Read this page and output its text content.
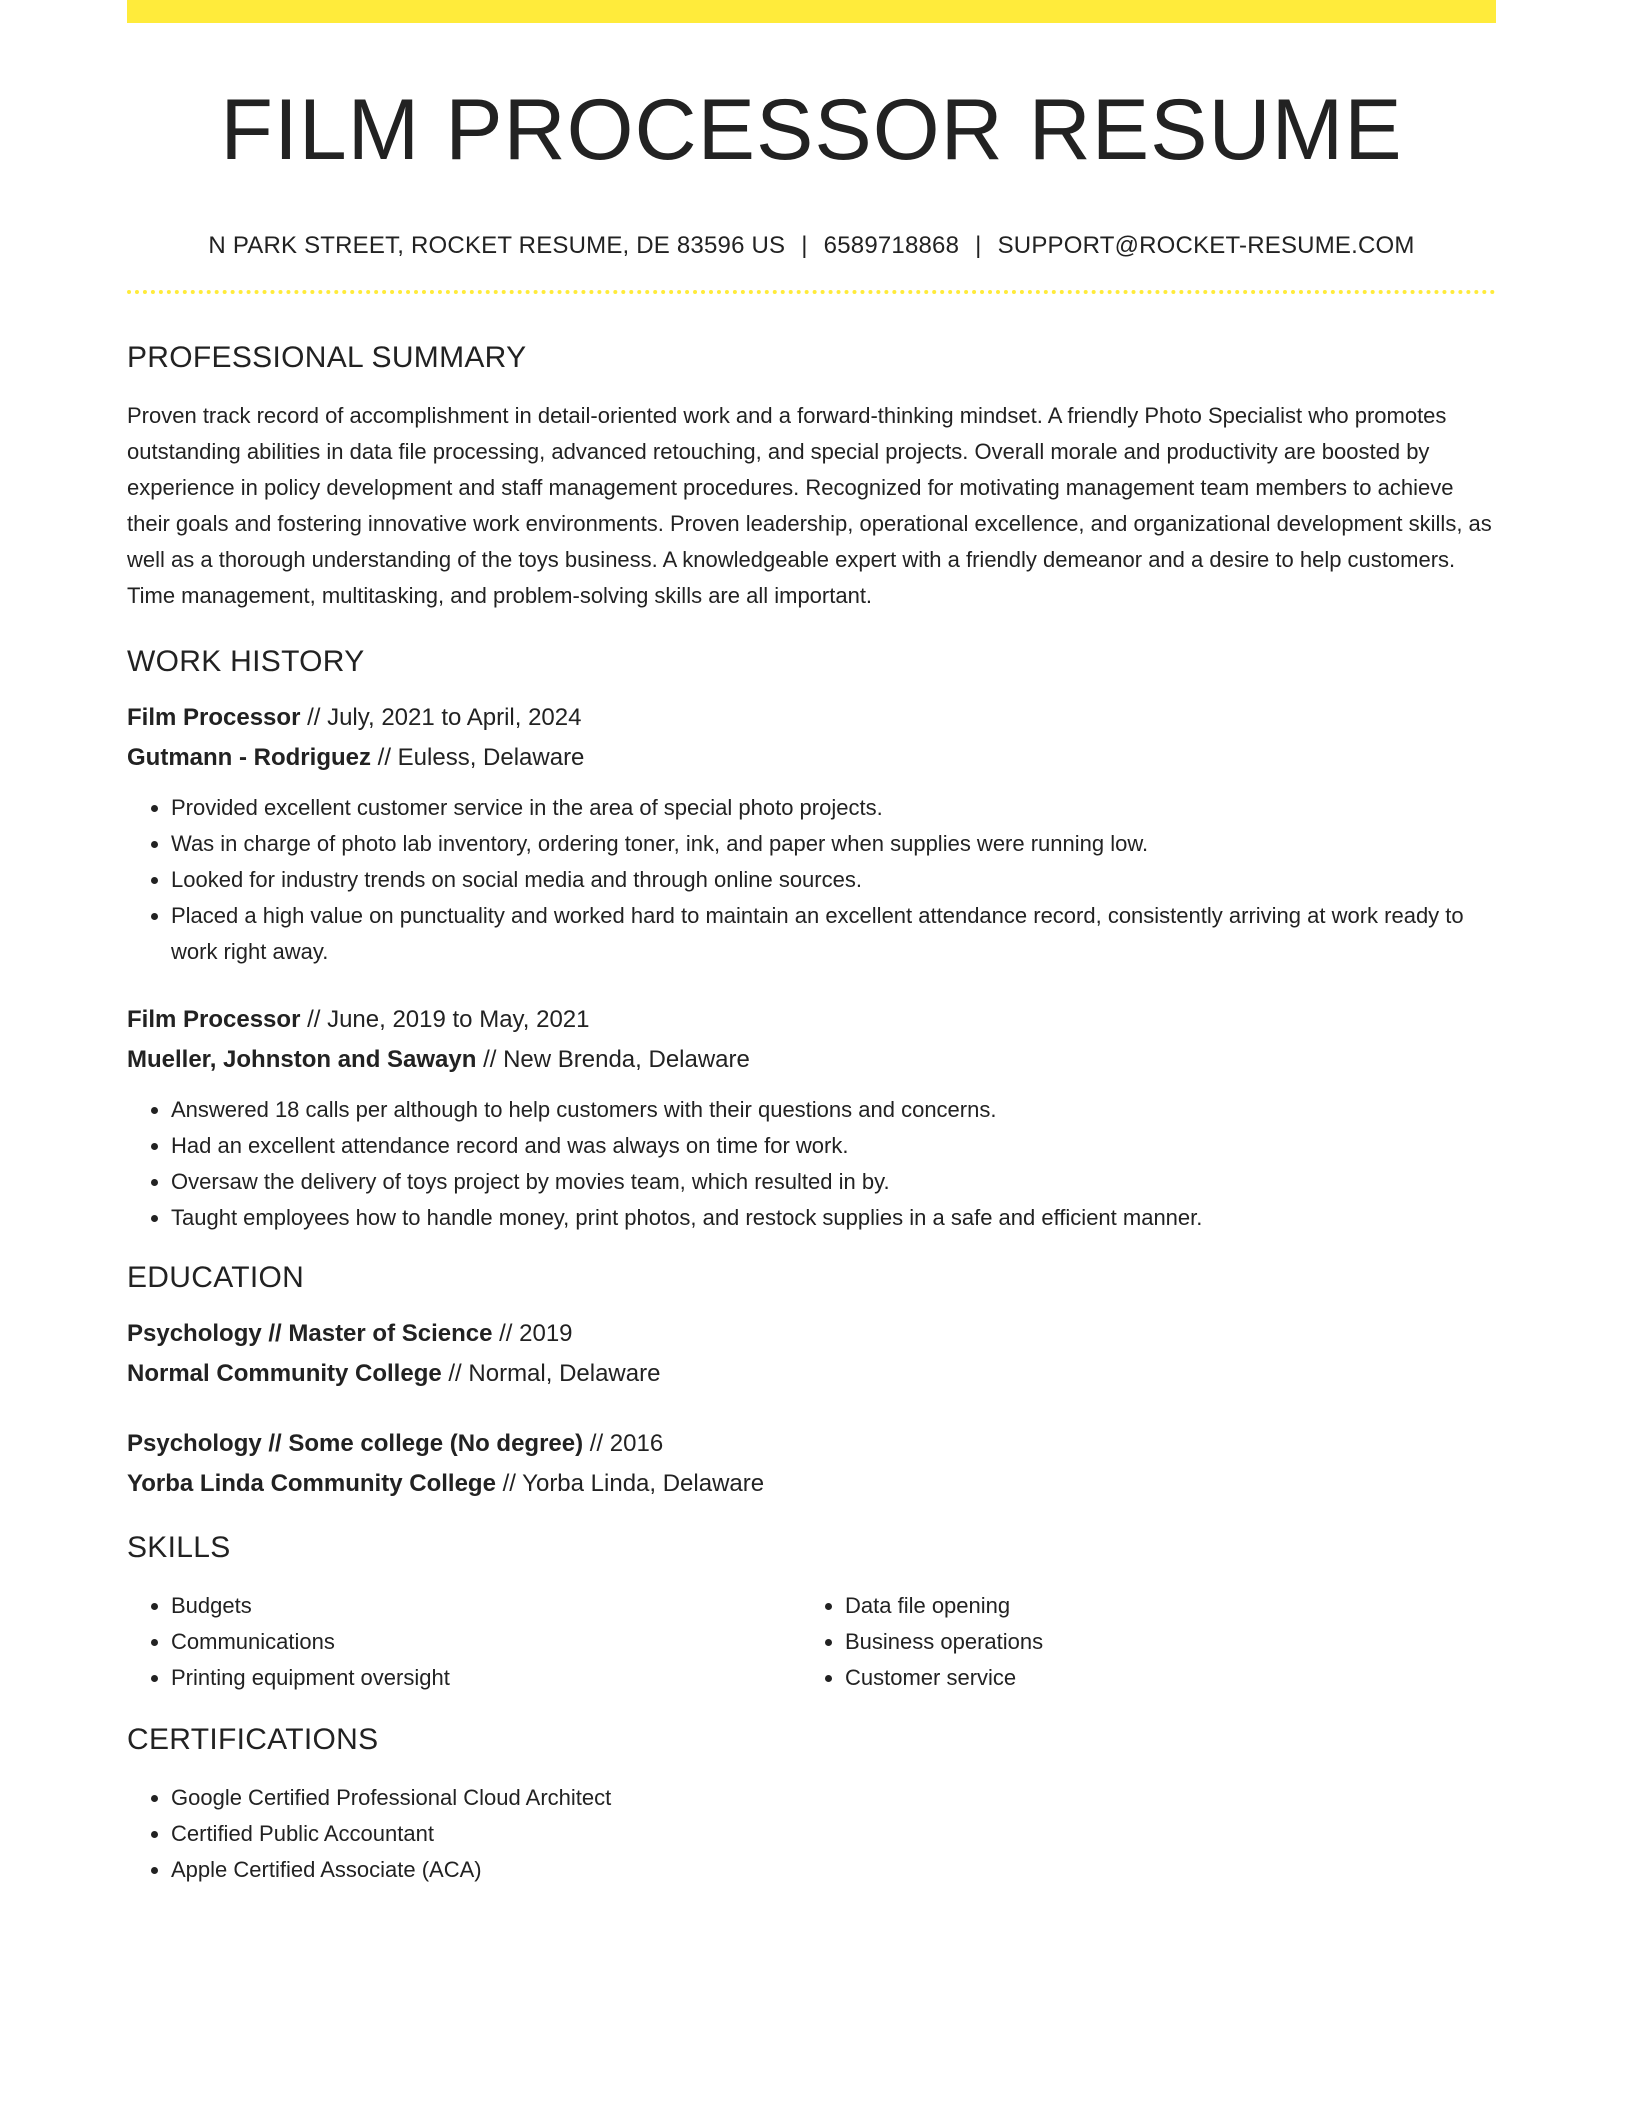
FILM PROCESSOR RESUME
N PARK STREET, ROCKET RESUME, DE 83596 US | 6589718868 | SUPPORT@ROCKET-RESUME.COM
PROFESSIONAL SUMMARY
Proven track record of accomplishment in detail-oriented work and a forward-thinking mindset. A friendly Photo Specialist who promotes outstanding abilities in data file processing, advanced retouching, and special projects. Overall morale and productivity are boosted by experience in policy development and staff management procedures. Recognized for motivating management team members to achieve their goals and fostering innovative work environments. Proven leadership, operational excellence, and organizational development skills, as well as a thorough understanding of the toys business. A knowledgeable expert with a friendly demeanor and a desire to help customers. Time management, multitasking, and problem-solving skills are all important.
WORK HISTORY
Film Processor // July, 2021 to April, 2024
Gutmann - Rodriguez // Euless, Delaware
• Provided excellent customer service in the area of special photo projects.
• Was in charge of photo lab inventory, ordering toner, ink, and paper when supplies were running low.
• Looked for industry trends on social media and through online sources.
• Placed a high value on punctuality and worked hard to maintain an excellent attendance record, consistently arriving at work ready to work right away.
Film Processor // June, 2019 to May, 2021
Mueller, Johnston and Sawayn // New Brenda, Delaware
• Answered 18 calls per although to help customers with their questions and concerns.
• Had an excellent attendance record and was always on time for work.
• Oversaw the delivery of toys project by movies team, which resulted in by.
• Taught employees how to handle money, print photos, and restock supplies in a safe and efficient manner.
EDUCATION
Psychology // Master of Science // 2019
Normal Community College // Normal, Delaware
Psychology // Some college (No degree) // 2016
Yorba Linda Community College // Yorba Linda, Delaware
SKILLS
• Budgets
• Communications
• Printing equipment oversight
• Data file opening
• Business operations
• Customer service
CERTIFICATIONS
• Google Certified Professional Cloud Architect
• Certified Public Accountant
• Apple Certified Associate (ACA)
